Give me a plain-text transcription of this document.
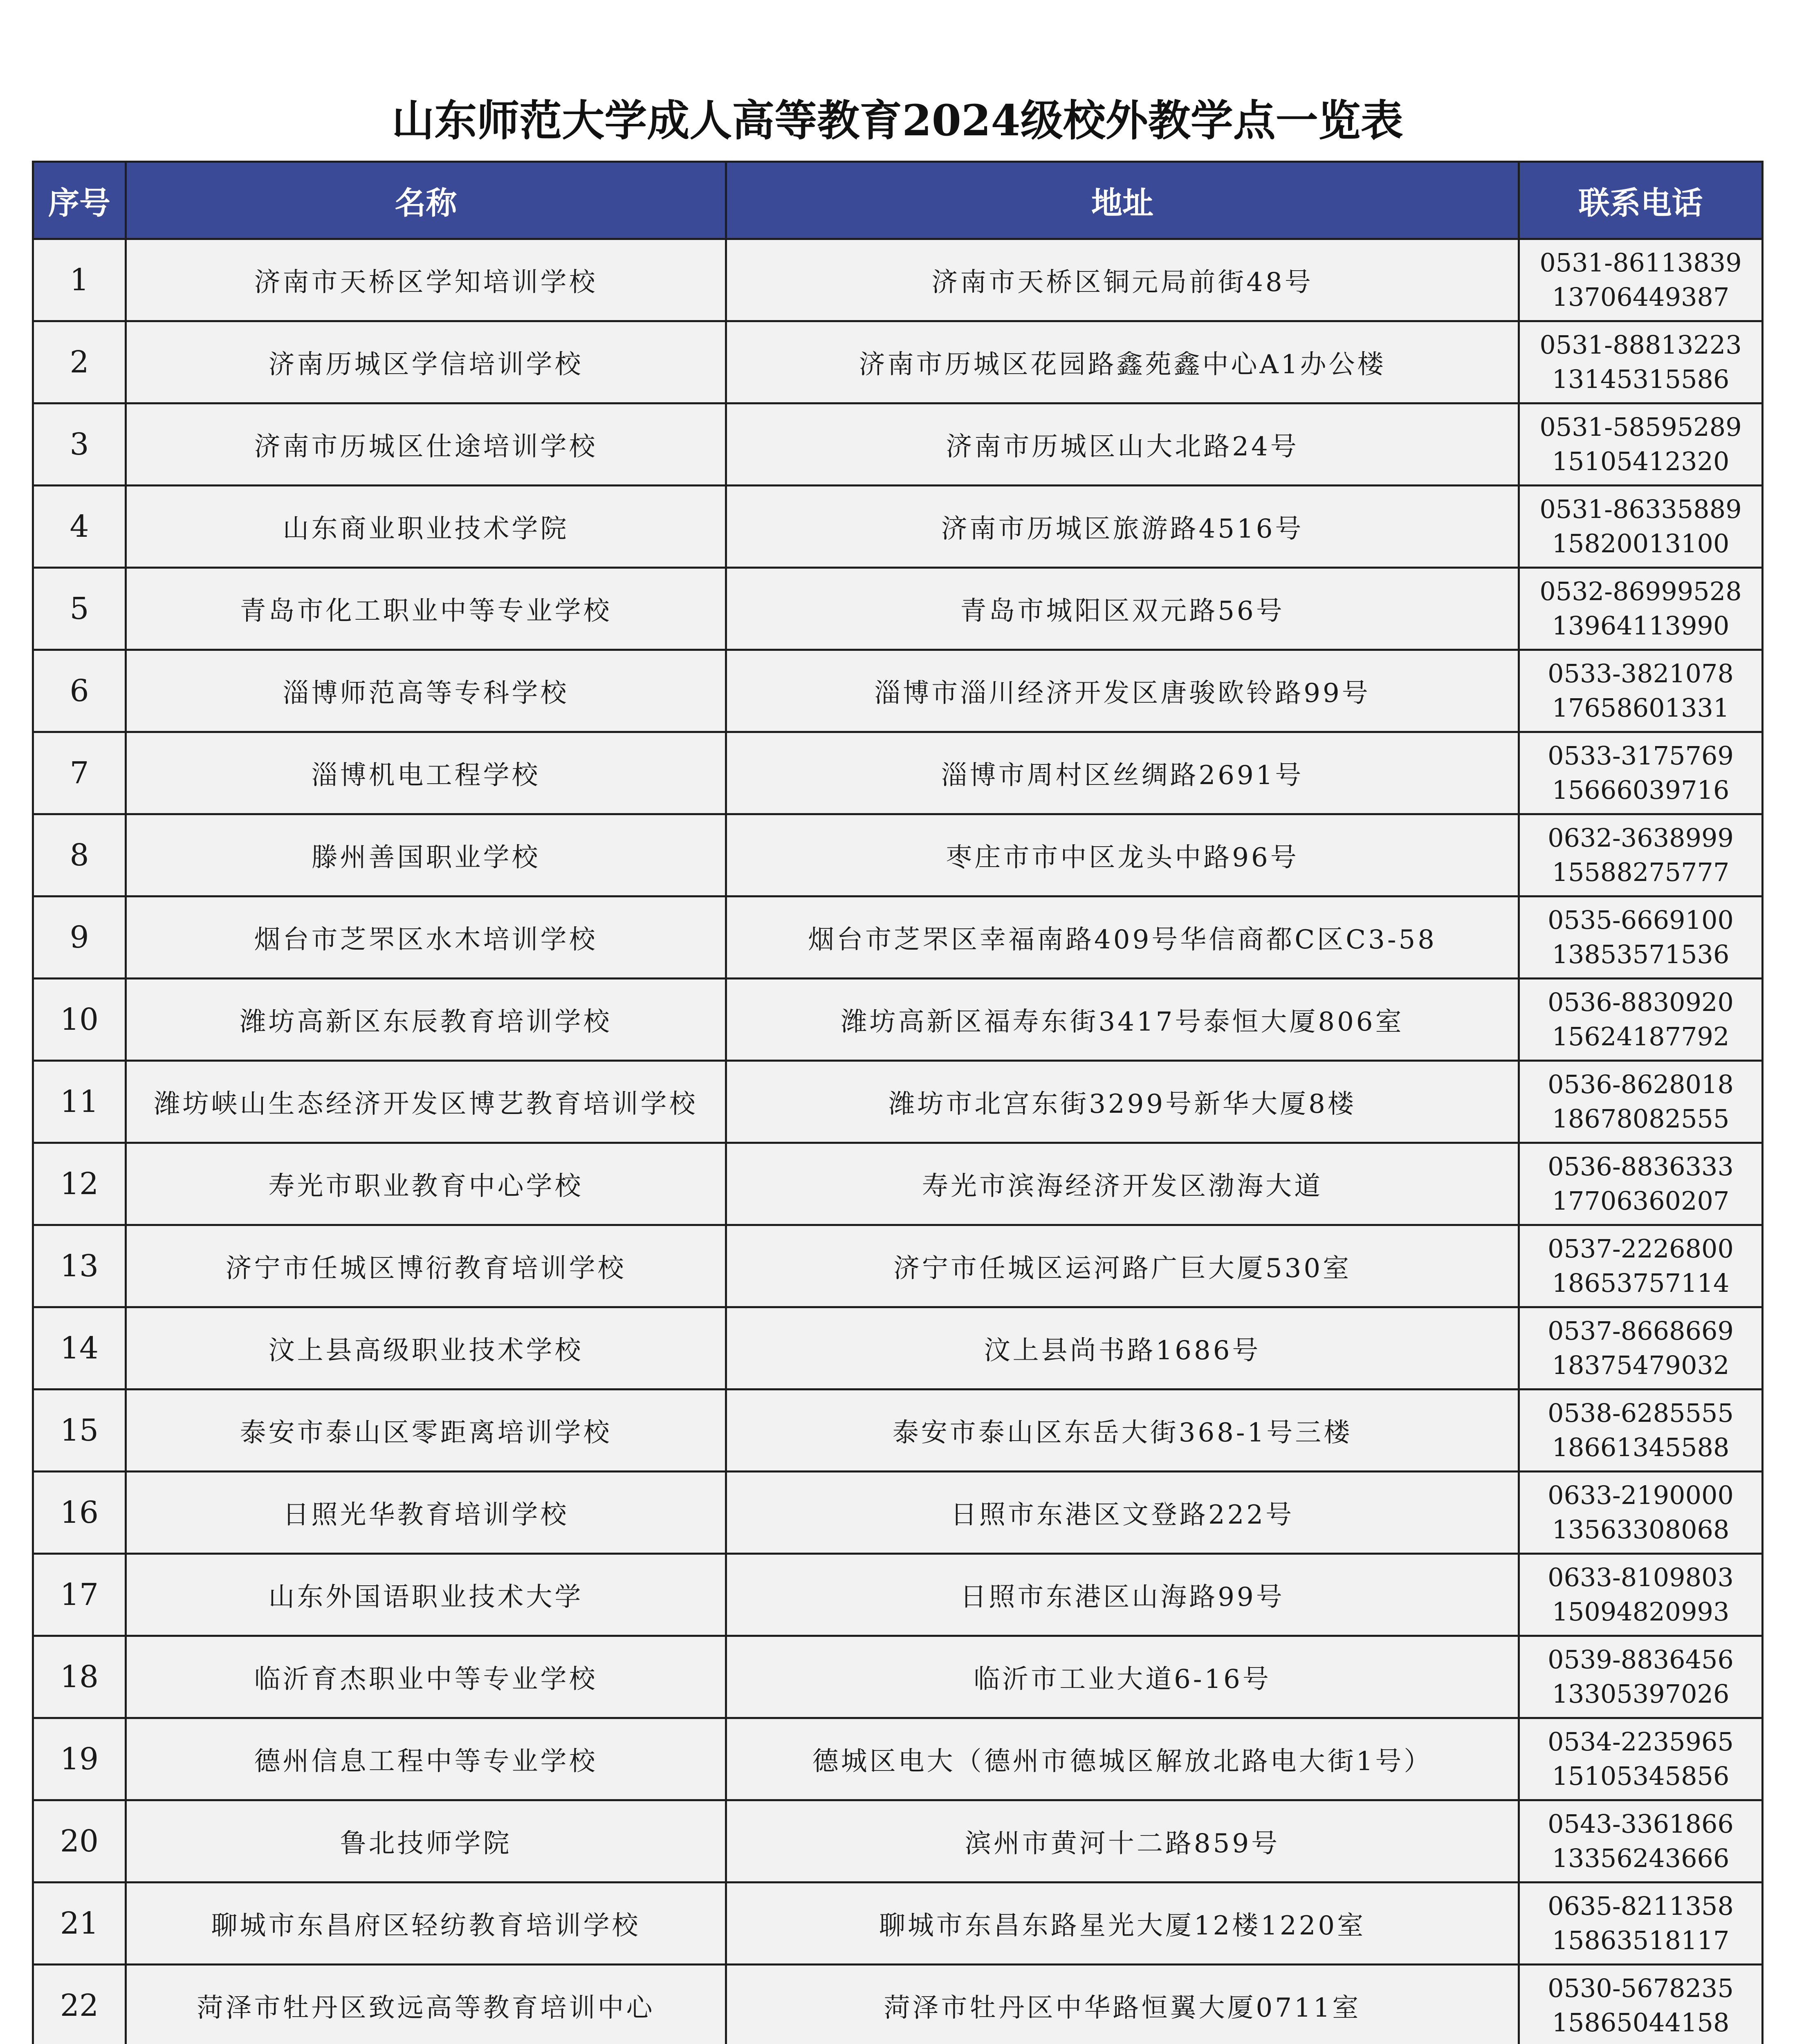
山东师范大学成人高等教育2024级校外教学点一览表
序号	名称	地址	联系电话
1	济南市天桥区学知培训学校	济南市天桥区铜元局前街48号	0531-86113839
13706449387

2	济南历城区学信培训学校	济南市历城区花园路鑫苑鑫中心A1办公楼	0531-88813223
13145315586

3	济南市历城区仕途培训学校	济南市历城区山大北路24号	0531-58595289
15105412320

4	山东商业职业技术学院	济南市历城区旅游路4516号	0531-86335889
15820013100

5	青岛市化工职业中等专业学校	青岛市城阳区双元路56号	0532-86999528
13964113990

6	淄博师范高等专科学校	淄博市淄川经济开发区唐骏欧铃路99号	0533-3821078
17658601331

7	淄博机电工程学校	淄博市周村区丝绸路2691号	0533-3175769
15666039716

8	滕州善国职业学校	枣庄市市中区龙头中路96号	0632-3638999
15588275777

9	烟台市芝罘区水木培训学校	烟台市芝罘区幸福南路409号华信商都C区C3-58	0535-6669100
13853571536

10	潍坊高新区东辰教育培训学校	潍坊高新区福寿东街3417号泰恒大厦806室	0536-8830920
15624187792

11	潍坊峡山生态经济开发区博艺教育培训学校	潍坊市北宫东街3299号新华大厦8楼	0536-8628018
18678082555

12	寿光市职业教育中心学校	寿光市滨海经济开发区渤海大道	0536-8836333
17706360207

13	济宁市任城区博衍教育培训学校	济宁市任城区运河路广巨大厦530室	0537-2226800
18653757114

14	汶上县高级职业技术学校	汶上县尚书路1686号	0537-8668669
18375479032

15	泰安市泰山区零距离培训学校	泰安市泰山区东岳大街368-1号三楼	0538-6285555
18661345588

16	日照光华教育培训学校	日照市东港区文登路222号	0633-2190000
13563308068

17	山东外国语职业技术大学	日照市东港区山海路99号	0633-8109803
15094820993

18	临沂育杰职业中等专业学校	临沂市工业大道6-16号	0539-8836456
13305397026

19	德州信息工程中等专业学校	德城区电大（德州市德城区解放北路电大街1号）	0534-2235965
15105345856

20	鲁北技师学院	滨州市黄河十二路859号	0543-3361866
13356243666

21	聊城市东昌府区轻纺教育培训学校	聊城市东昌东路星光大厦12楼1220室	0635-8211358
15863518117

22	菏泽市牡丹区致远高等教育培训中心	菏泽市牡丹区中华路恒翼大厦0711室	0530-5678235
15865044158
